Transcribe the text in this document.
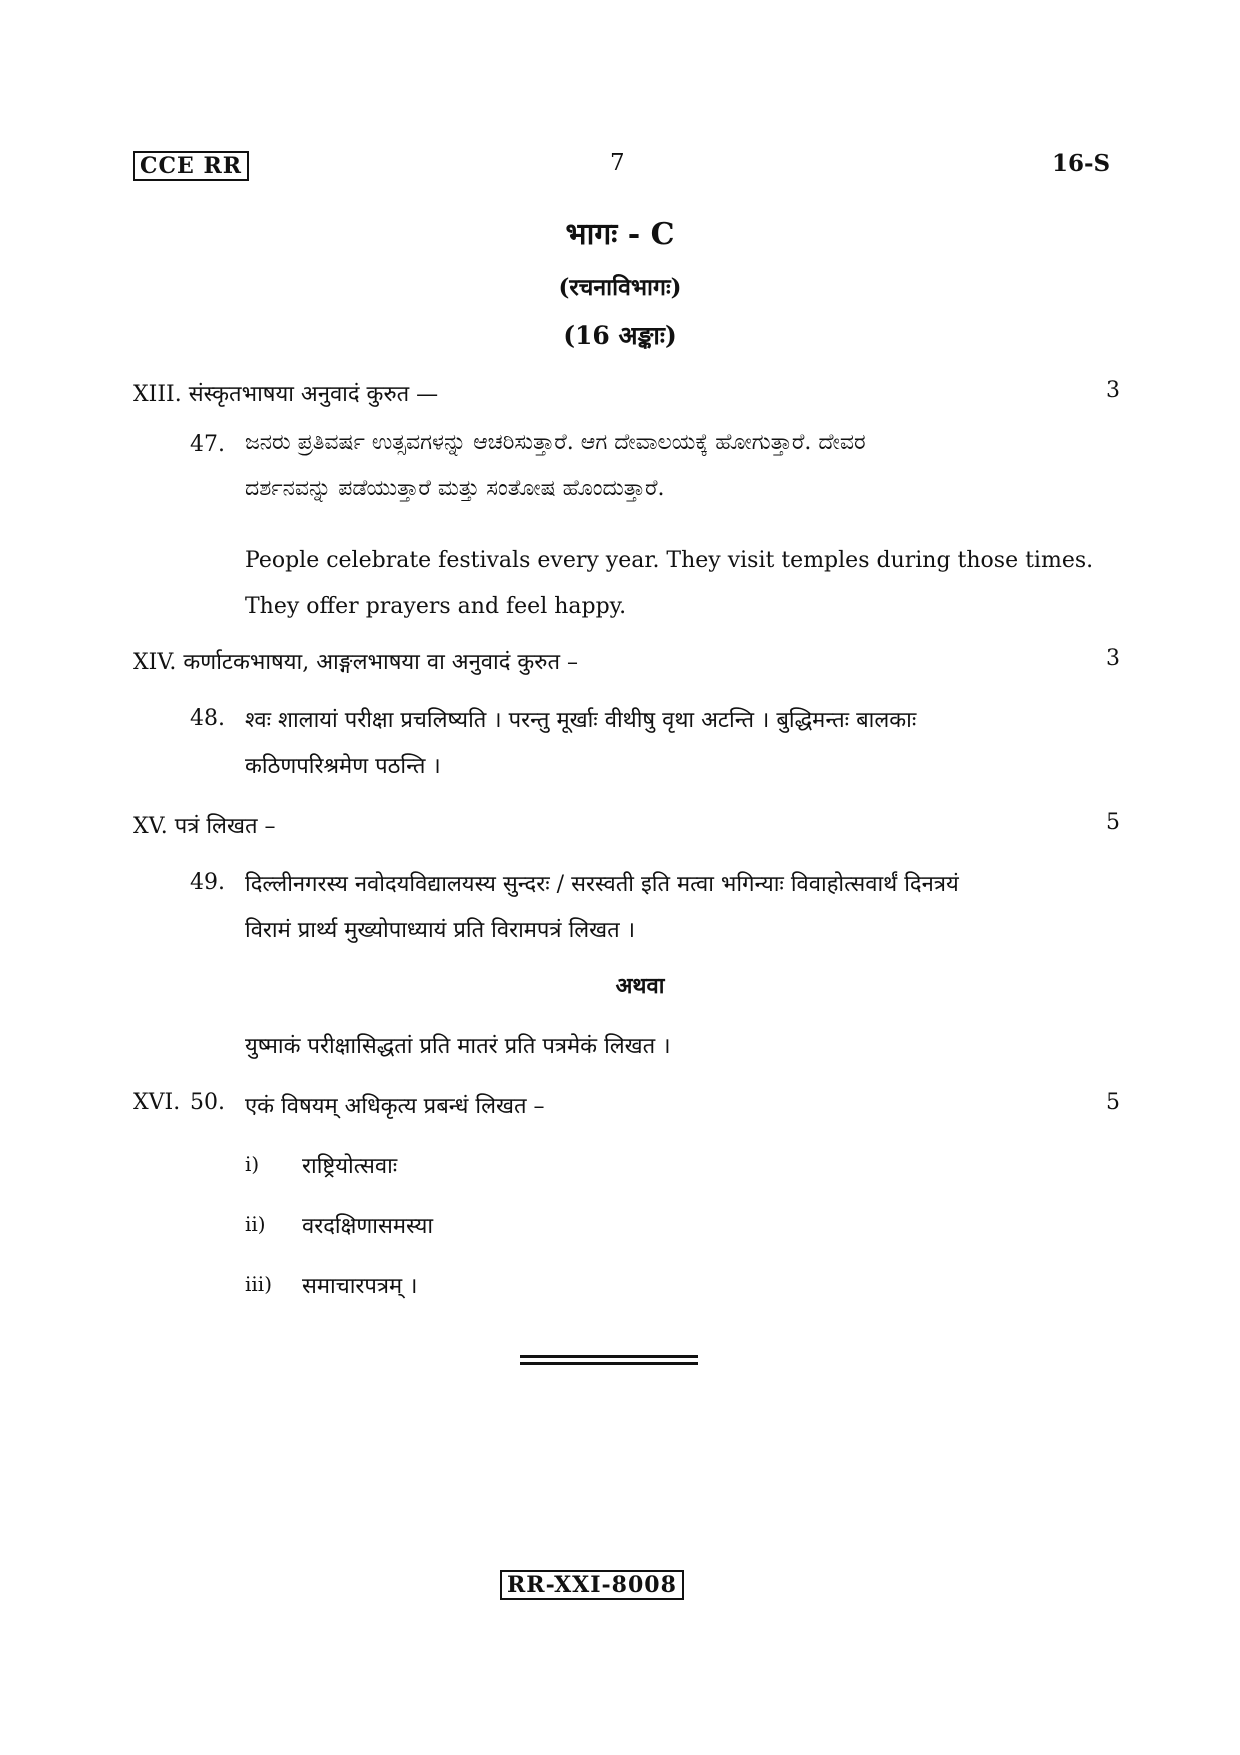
CCE RR	7	16-S
भागः - C
(रचनाविभागः)
(16 अङ्काः)
XIII. संस्कृतभाषया अनुवादं कुरुत —	3
47. ಜನರು ಪ್ರತಿವರ್ಷ ಉತ್ಸವಗಳನ್ನು ಆಚರಿಸುತ್ತಾರೆ. ಆಗ ದೇವಾಲಯಕ್ಕೆ ಹೋಗುತ್ತಾರೆ. ದೇವರ
ದರ್ಶನವನ್ನು ಪಡೆಯುತ್ತಾರೆ ಮತ್ತು ಸಂತೋಷ ಹೊಂದುತ್ತಾರೆ.
People celebrate festivals every year. They visit temples during those times.
They offer prayers and feel happy.
XIV. कर्णाटकभाषया, आङ्गलभाषया वा अनुवादं कुरुत –	3
48. श्वः शालायां परीक्षा प्रचलिष्यति । परन्तु मूर्खाः वीथीषु वृथा अटन्ति । बुद्धिमन्तः बालकाः
कठिणपरिश्रमेण पठन्ति ।
XV. पत्रं लिखत –	5
49. दिल्लीनगरस्य नवोदयविद्यालयस्य सुन्दरः / सरस्वती इति मत्वा भगिन्याः विवाहोत्सवार्थं दिनत्रयं
विरामं प्रार्थ्य मुख्योपाध्यायं प्रति विरामपत्रं लिखत ।
अथवा
युष्माकं परीक्षासिद्धतां प्रति मातरं प्रति पत्रमेकं लिखत ।
XVI. 50. एकं विषयम् अधिकृत्य प्रबन्धं लिखत –	5
i) राष्ट्रियोत्सवाः
ii) वरदक्षिणासमस्या
iii) समाचारपत्रम् ।
RR-XXI-8008
